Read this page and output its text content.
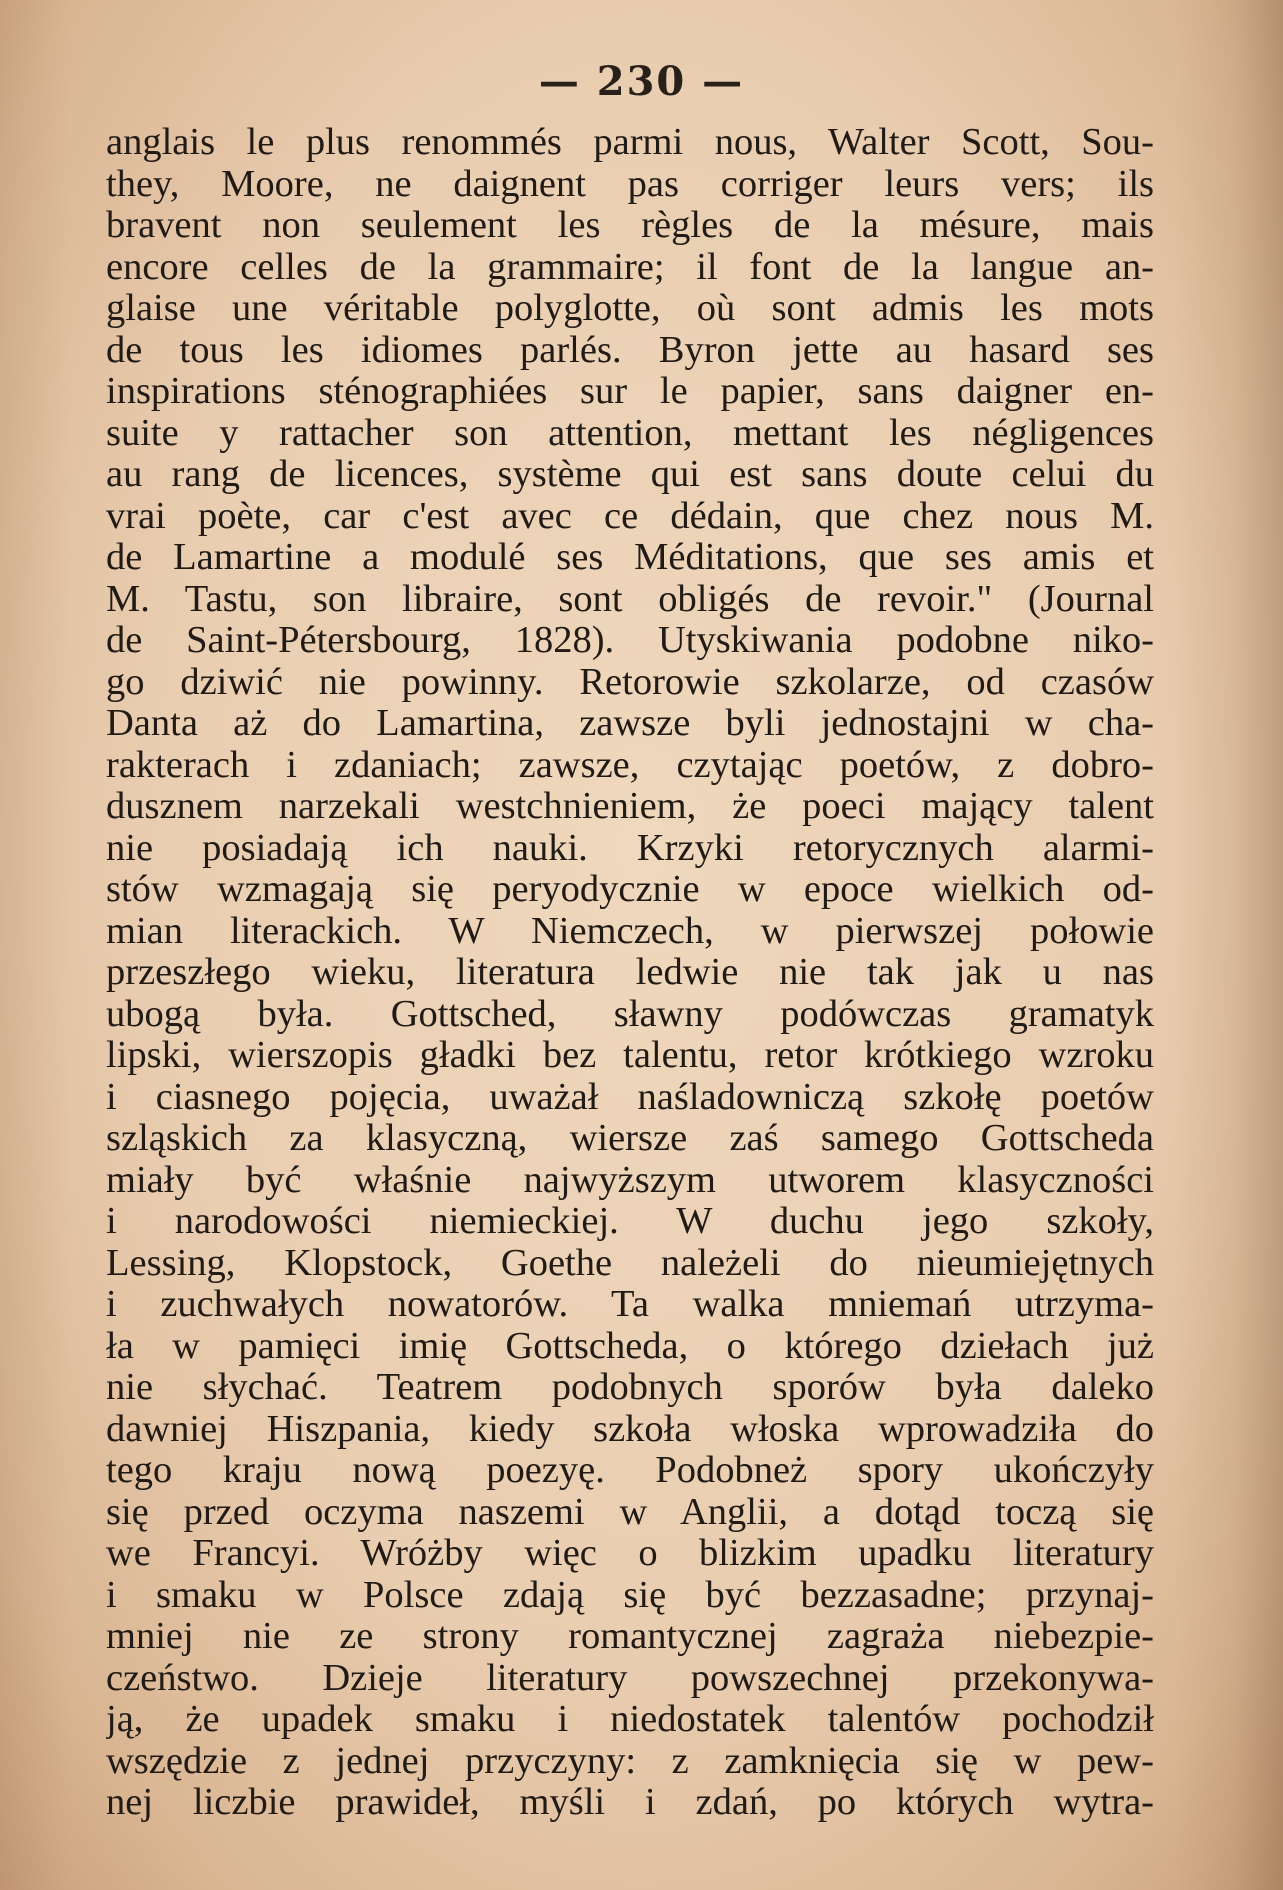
— 230 —
anglais le plus renommés parmi nous, Walter Scott, Sou-
they, Moore, ne daignent pas corriger leurs vers; ils
bravent non seulement les règles de la mésure, mais
encore celles de la grammaire; il font de la langue an-
glaise une véritable polyglotte, où sont admis les mots
de tous les idiomes parlés. Byron jette au hasard ses
inspirations sténographiées sur le papier, sans daigner en-
suite y rattacher son attention, mettant les négligences
au rang de licences, système qui est sans doute celui du
vrai poète, car c'est avec ce dédain, que chez nous M.
de Lamartine a modulé ses Méditations, que ses amis et
M. Tastu, son libraire, sont obligés de revoir." (Journal
de Saint-Pétersbourg, 1828). Utyskiwania podobne niko-
go dziwić nie powinny. Retorowie szkolarze, od czasów
Danta aż do Lamartina, zawsze byli jednostajni w cha-
rakterach i zdaniach; zawsze, czytając poetów, z dobro-
dusznem narzekali westchnieniem, że poeci mający talent
nie posiadają ich nauki. Krzyki retorycznych alarmi-
stów wzmagają się peryodycznie w epoce wielkich od-
mian literackich. W Niemczech, w pierwszej połowie
przeszłego wieku, literatura ledwie nie tak jak u nas
ubogą była. Gottsched, sławny podówczas gramatyk
lipski, wierszopis gładki bez talentu, retor krótkiego wzroku
i ciasnego pojęcia, uważał naśladowniczą szkołę poetów
szląskich za klasyczną, wiersze zaś samego Gottscheda
miały być właśnie najwyższym utworem klasyczności
i narodowości niemieckiej. W duchu jego szkoły,
Lessing, Klopstock, Goethe należeli do nieumiejętnych
i zuchwałych nowatorów. Ta walka mniemań utrzyma-
ła w pamięci imię Gottscheda, o którego dziełach już
nie słychać. Teatrem podobnych sporów była daleko
dawniej Hiszpania, kiedy szkoła włoska wprowadziła do
tego kraju nową poezyę. Podobneż spory ukończyły
się przed oczyma naszemi w Anglii, a dotąd toczą się
we Francyi. Wróżby więc o blizkim upadku literatury
i smaku w Polsce zdają się być bezzasadne; przynaj-
mniej nie ze strony romantycznej zagraża niebezpie-
czeństwo. Dzieje literatury powszechnej przekonywa-
ją, że upadek smaku i niedostatek talentów pochodził
wszędzie z jednej przyczyny: z zamknięcia się w pew-
nej liczbie prawideł, myśli i zdań, po których wytra-
